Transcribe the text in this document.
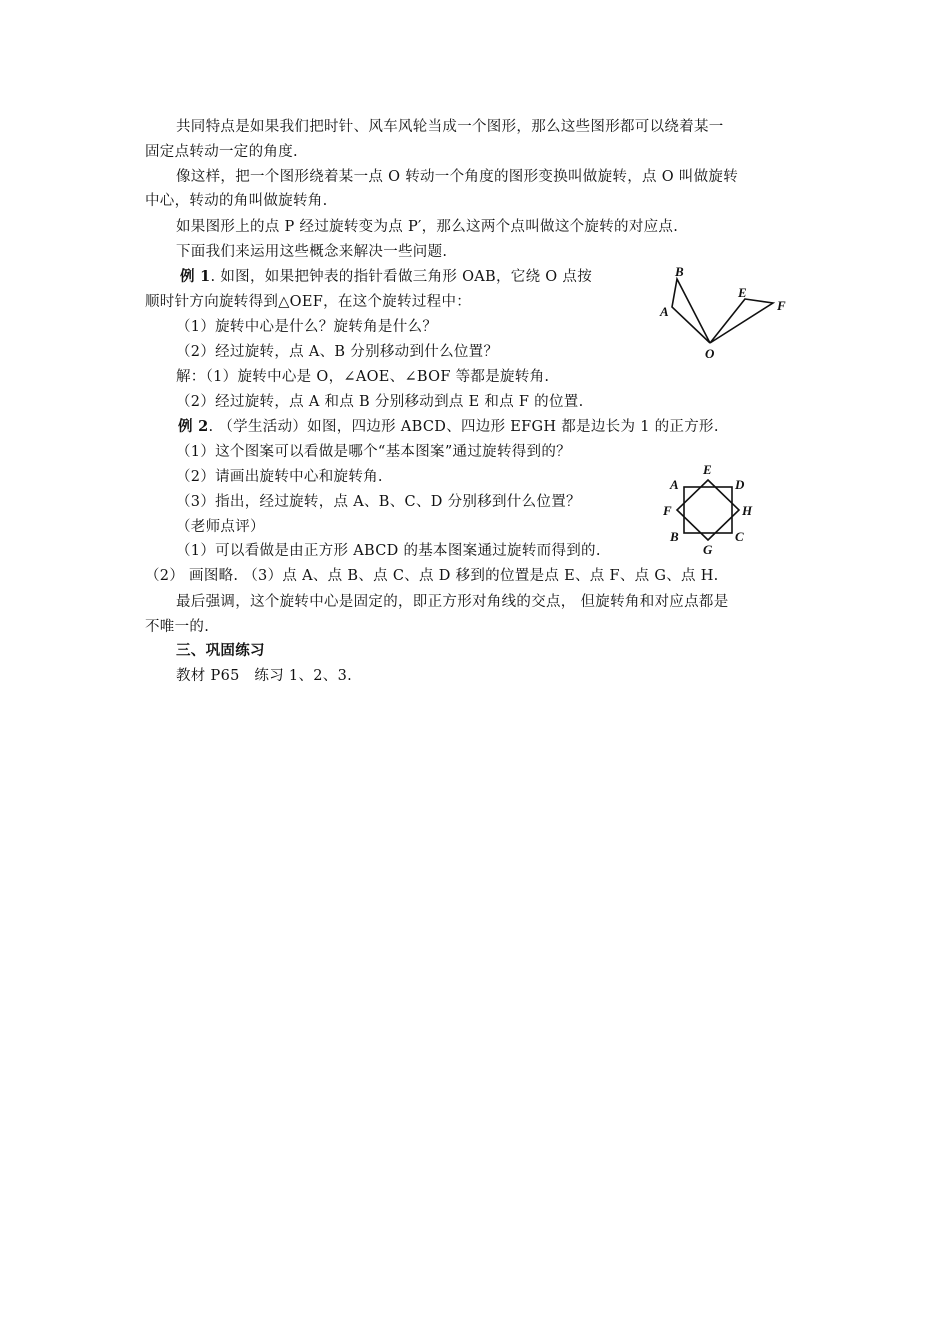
共同特点是如果我们把时针、风车风轮当成一个图形，那么这些图形都可以绕着某一
固定点转动一定的角度.
像这样，把一个图形绕着某一点 O 转动一个角度的图形变换叫做旋转，点 O 叫做旋转
中心，转动的角叫做旋转角.
如果图形上的点 P 经过旋转变为点 P′，那么这两个点叫做这个旋转的对应点.
下面我们来运用这些概念来解决一些问题.
例 1. 如图，如果把钟表的指针看做三角形 OAB，它绕 O 点按
顺时针方向旋转得到△OEF，在这个旋转过程中：
（1）旋转中心是什么？旋转角是什么？
（2）经过旋转，点 A、B 分别移动到什么位置？
解：（1）旋转中心是 O，∠AOE、∠BOF 等都是旋转角.
（2）经过旋转，点 A 和点 B 分别移动到点 E 和点 F 的位置.
例 2. （学生活动）如图，四边形 ABCD、四边形 EFGH 都是边长为 1 的正方形.
（1）这个图案可以看做是哪个“基本图案”通过旋转得到的？
（2）请画出旋转中心和旋转角.
（3）指出，经过旋转，点 A、B、C、D 分别移到什么位置？
（老师点评）
（1）可以看做是由正方形 ABCD 的基本图案通过旋转而得到的.
（2） 画图略. （3）点 A、点 B、点 C、点 D 移到的位置是点 E、点 F、点 G、点 H.
最后强调，这个旋转中心是固定的，即正方形对角线的交点， 但旋转角和对应点都是
不唯一的.
三、巩固练习
教材 P65　练习 1、2、3.
B
A
O
E
F
A	D
E
F	H
B	C
G
